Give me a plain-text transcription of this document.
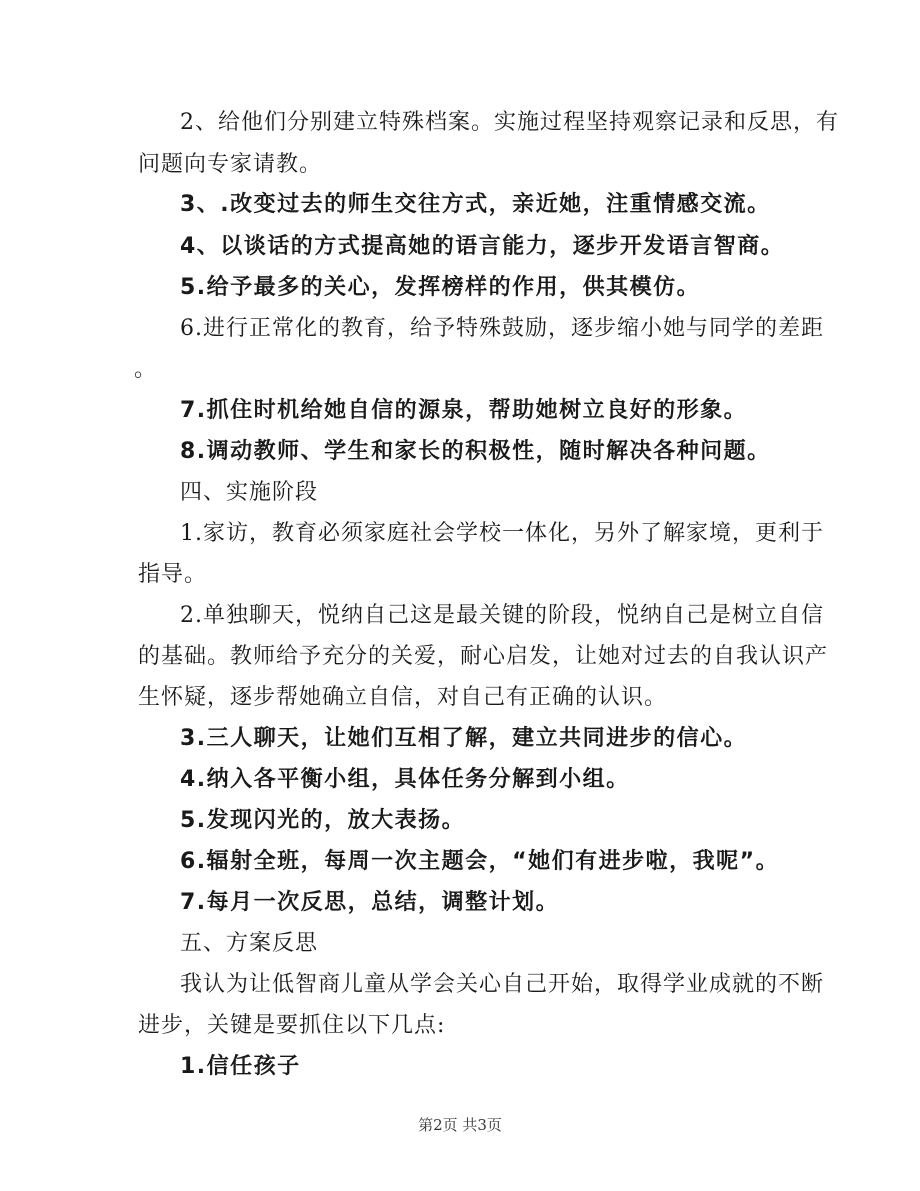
2、给他们分别建立特殊档案。实施过程坚持观察记录和反思，有
问题向专家请教。
3、.改变过去的师生交往方式，亲近她，注重情感交流。
4、以谈话的方式提高她的语言能力，逐步开发语言智商。
5.给予最多的关心，发挥榜样的作用，供其模仿。
6.进行正常化的教育，给予特殊鼓励，逐步缩小她与同学的差距
。
7.抓住时机给她自信的源泉，帮助她树立良好的形象。
8.调动教师、学生和家长的积极性，随时解决各种问题。
四、实施阶段
1.家访，教育必须家庭社会学校一体化，另外了解家境，更利于
指导。
2.单独聊天，悦纳自己这是最关键的阶段，悦纳自己是树立自信
的基础。教师给予充分的关爱，耐心启发，让她对过去的自我认识产
生怀疑，逐步帮她确立自信，对自己有正确的认识。
3.三人聊天，让她们互相了解，建立共同进步的信心。
4.纳入各平衡小组，具体任务分解到小组。
5.发现闪光的，放大表扬。
6.辐射全班，每周一次主题会，“她们有进步啦，我呢”。
7.每月一次反思，总结，调整计划。
五、方案反思
我认为让低智商儿童从学会关心自己开始，取得学业成就的不断
进步，关键是要抓住以下几点:
1.信任孩子
第2页 共3页
